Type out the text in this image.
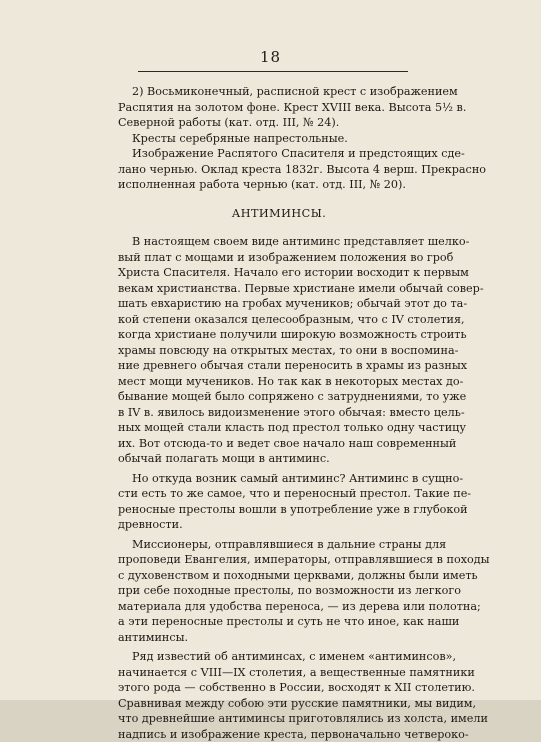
18

2) Восьмиконечный, расписной крест с изображением
Распятия на золотом фоне. Крест XVIII века. Высота 5½ в.
Северной работы (кат. отд. III, № 24).

Кресты серебряные напрестольные.

Изображение Распятого Спасителя и предстоящих сде-
лано чернью. Оклад креста 1832г. Высота 4 верш. Прекрасно
исполненная работа чернью (кат. отд. III, № 20).

АНТИМИНСЫ.

В настоящем своем виде антиминс представляет шелко-
вый плат с мощами и изображением положения во гроб
Христа Спасителя. Начало его истории восходит к первым
векам христианства. Первые христиане имели обычай совер-
шать евхаристию на гробах мучеников; обычай этот до та-
кой степени оказался целесообразным, что с IV столетия,
когда христиане получили широкую возможность строить
храмы повсюду на открытых местах, то они в воспомина-
ние древнего обычая стали переносить в храмы из разных
мест мощи мучеников. Но так как в некоторых местах до-
бывание мощей было сопряжено с затруднениями, то уже
в IV в. явилось видоизменение этого обычая: вместо цель-
ных мощей стали класть под престол только одну частицу
их. Вот отсюда-то и ведет свое начало наш современный
обычай полагать мощи в антиминс.

Но откуда возник самый антиминс? Антиминс в сущно-
сти есть то же самое, что и переносный престол. Такие пе-
реносные престолы вошли в употребление уже в глубокой
древности.

Миссионеры, отправлявшиеся в дальние страны для
проповеди Евангелия, императоры, отправлявшиеся в походы
с духовенством и походными церквами, должны были иметь
при себе походные престолы, по возможности из легкого
материала для удобства переноса, — из дерева или полотна;
а эти переносные престолы и суть не что иное, как наши
антиминсы.

Ряд известий об антиминсах, с именем «антиминсов»,
начинается с VIII—IX столетия, а вещественные памятники
этого рода — собственно в России, восходят к XII столетию.
Сравнивая между собою эти русские памятники, мы видим,
что древнейшие антиминсы приготовлялись из холста, имели
надпись и изображение креста, первоначально четвероко-
